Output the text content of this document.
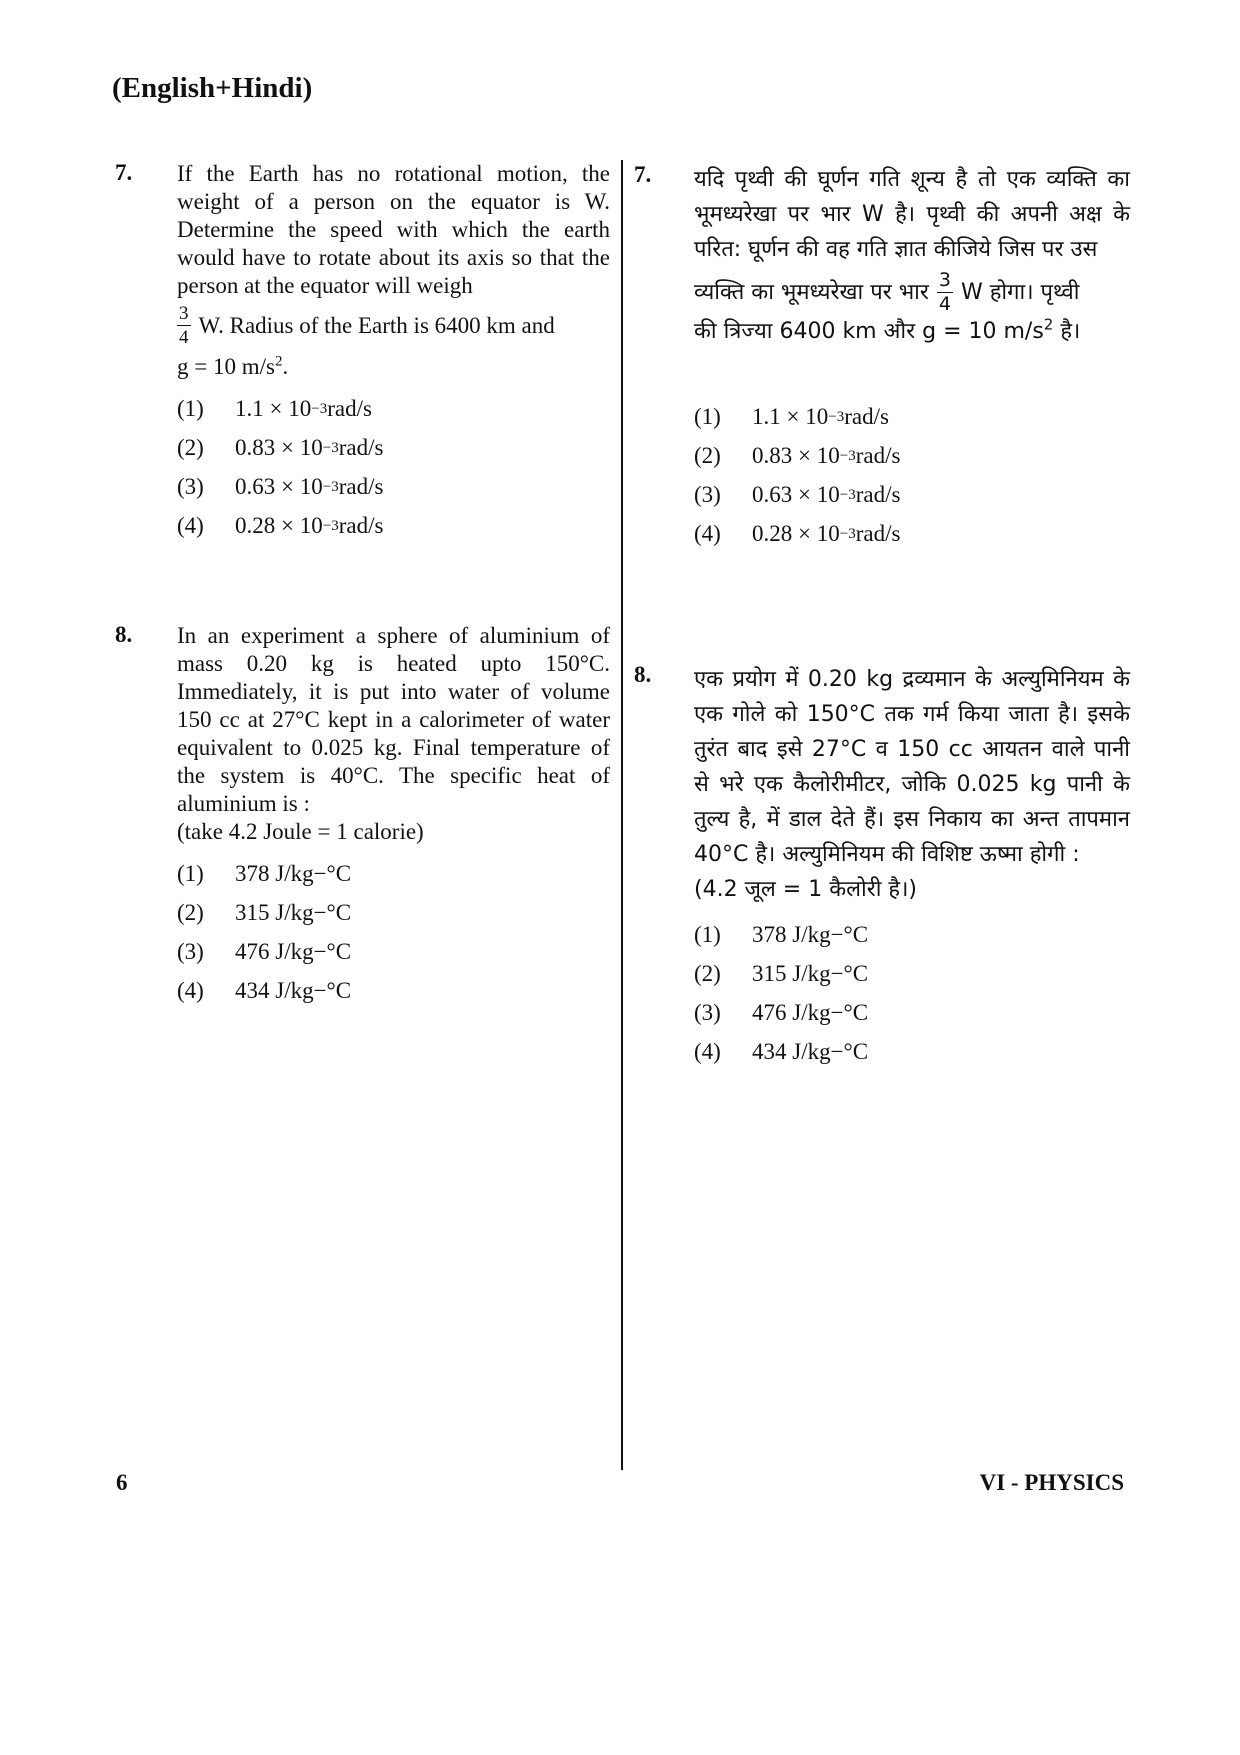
(English+Hindi)
7. If the Earth has no rotational motion, the weight of a person on the equator is W. Determine the speed with which the earth would have to rotate about its axis so that the person at the equator will weigh

$\frac{3}{4} W$. Radius of the Earth is 6400 km and

g = 10 $m/s^2$.

(1)	1.1 × 10 −3 rad/s
(2)	0.83 × 10 −3 rad/s
(3)	0.63 × 10 −3 rad/s
(4)	0.28 × 10 −3 rad/s
8. In an experiment a sphere of aluminium of mass 0.20 kg is heated upto 150°C. Immediately, it is put into water of volume 150 cc at 27°C kept in a calorimeter of water equivalent to 0.025 kg. Final temperature of the system is 40°C. The specific heat of aluminium is :

(take 4.2 Joule = 1 calorie)

(1)	378 J/kg−°C
(2)	315 J/kg−°C
(3)	476 J/kg−°C
(4)	434 J/kg−°C
7. यदि पृथ्वी की घूर्णन गति शून्य है तो एक व्यक्ति का भूमध्यरेखा पर भार W है। पृथ्वी की अपनी अक्ष के परित: घूर्णन की वह गति ज्ञात कीजिये जिस पर उस

व्यक्ति का भूमध्यरेखा पर भार $\frac{3}{4}$ W होगा। पृथ्वी

की त्रिज्या 6400 km और g = 10 $m/s^2$ है।

(1)	1.1 × 10 −3 rad/s
(2)	0.83 × 10 −3 rad/s
(3)	0.63 × 10 −3 rad/s
(4)	0.28 × 10 −3 rad/s
8. एक प्रयोग में 0.20 kg द्रव्यमान के अल्युमिनियम के एक गोले को 150°C तक गर्म किया जाता है। इसके तुरंत बाद इसे 27°C व 150 cc आयतन वाले पानी से भरे एक कैलोरीमीटर, जोकि 0.025 kg पानी के तुल्य है, में डाल देते हैं। इस निकाय का अन्त तापमान 40°C है। अल्युमिनियम की विशिष्ट ऊष्मा होगी :

(4.2 जूल = 1 कैलोरी है।)

(1)	378 J/kg−°C
(2)	315 J/kg−°C
(3)	476 J/kg−°C
(4)	434 J/kg−°C
6	VI - PHYSICS
